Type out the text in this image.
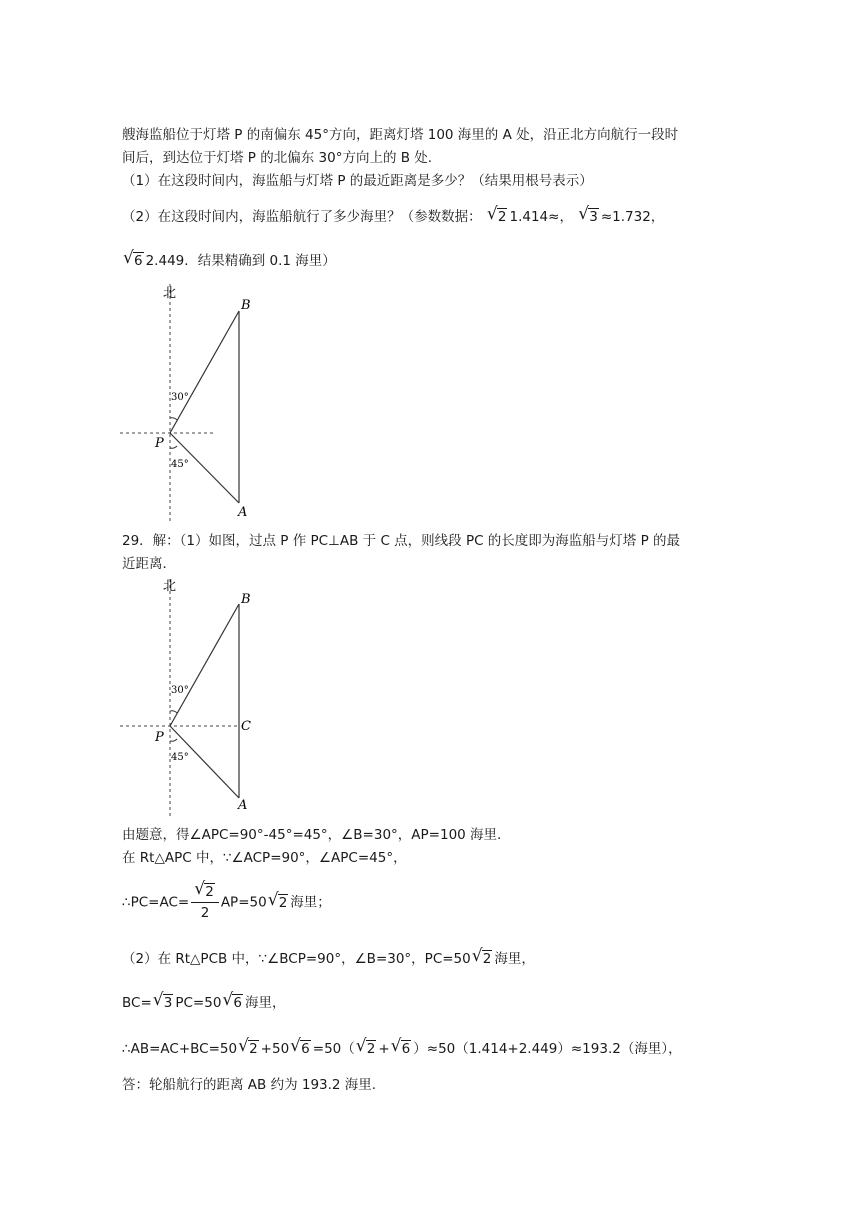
艘海监船位于灯塔 P 的南偏东 45°方向，距离灯塔 100 海里的 A 处，沿正北方向航行一段时
间后，到达位于灯塔 P 的北偏东 30°方向上的 B 处.
（1）在这段时间内，海监船与灯塔 P 的最近距离是多少？（结果用根号表示）
（2）在这段时间内，海监船航行了多少海里？（参数数据： √ 2 1.414≈， √ 3 ≈1.732，
√ 6 2.449．结果精确到 0.1 海里）
北
B
P
A
30°
45°
29．解：（1）如图，过点 P 作 PC⊥AB 于 C 点，则线段 PC 的长度即为海监船与灯塔 P 的最
近距离．
北
B
P
C
A
30°
45°
由题意，得∠APC=90°-45°=45°，∠B=30°，AP=100 海里.
在 Rt△APC 中，∵∠ACP=90°，∠APC=45°，
∴PC=AC=
√ $\frac{2}{2} AP=50√$ 2 海里；
（2）在 Rt△PCB 中，∵∠BCP=90°，∠B=30°，PC=50√ 2 海里，
BC=√ 3 PC=50√ 6 海里，
∴AB=AC+BC=50√ 2 +50√ 6 =50（√ 2 +√ 6 ）≈50（1.414+2.449）≈193.2（海里），
答：轮船航行的距离 AB 约为 193.2 海里.
